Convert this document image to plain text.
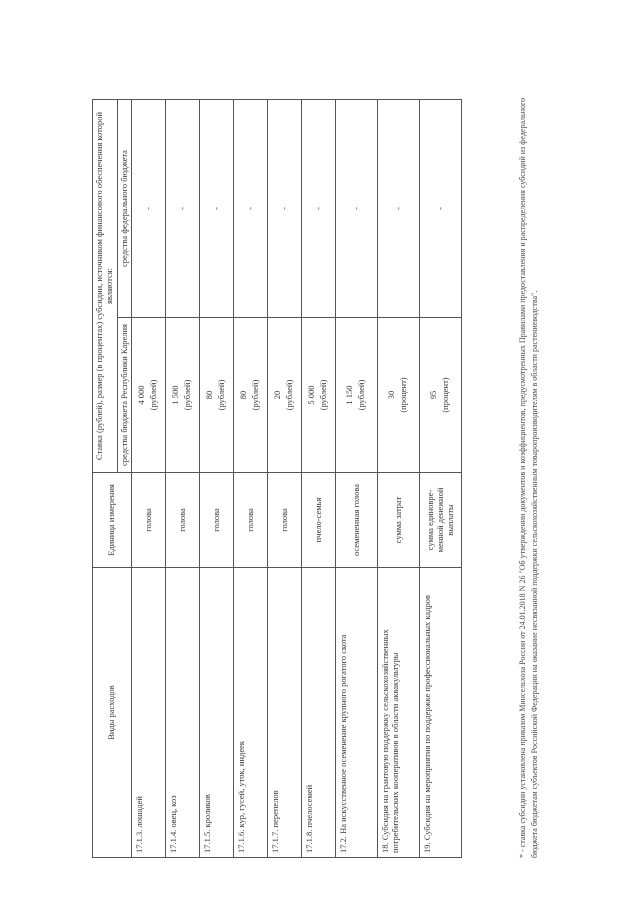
Виды расходов	Единица измерения	Ставка (рублей), размер (в процентах) субсидии, источником финансового обеспечения которой являются:	
		средства бюджета Республики Карелия	средства федерального бюджета
17.1.3. лошадей	голова	4 000 (рублей)	-
17.1.4. овец, коз	голова	1 500 (рублей)	-
17.1.5. кроликов	голова	80 (рублей)	-
17.1.6. кур, гусей, уток, индеек	голова	80 (рублей)	-
17.1.7. перепелов	голова	20 (рублей)	-
17.1.8. пчелосемей	пчело-семья	5 000 (рублей)	-
17.2. На искусственное осеменение крупного рогатого скота	осемененная голова	1 150 (рублей)	-
18. Субсидия на грантовую поддержку сельскохозяйственных потребительских кооперативов в области аквакультуры	сумма затрат	30 (процент)	-
19. Субсидия на мероприятия по поддержке профессиональных кадров	сумма единовре-менной денежной выплаты	95 (процент)	-	* - ставка субсидии установлена приказом Минсельхоза России от 24.01.2018 N 26 "Об утверждении документов и коэффициентов, предусмотренных Правилами предоставления и распределения субсидий из федерального бюджета бюджетам субъектов Российской Федерации на оказание несвязанной поддержки сельскохозяйственным товаропроизводителям в области растениеводства".
